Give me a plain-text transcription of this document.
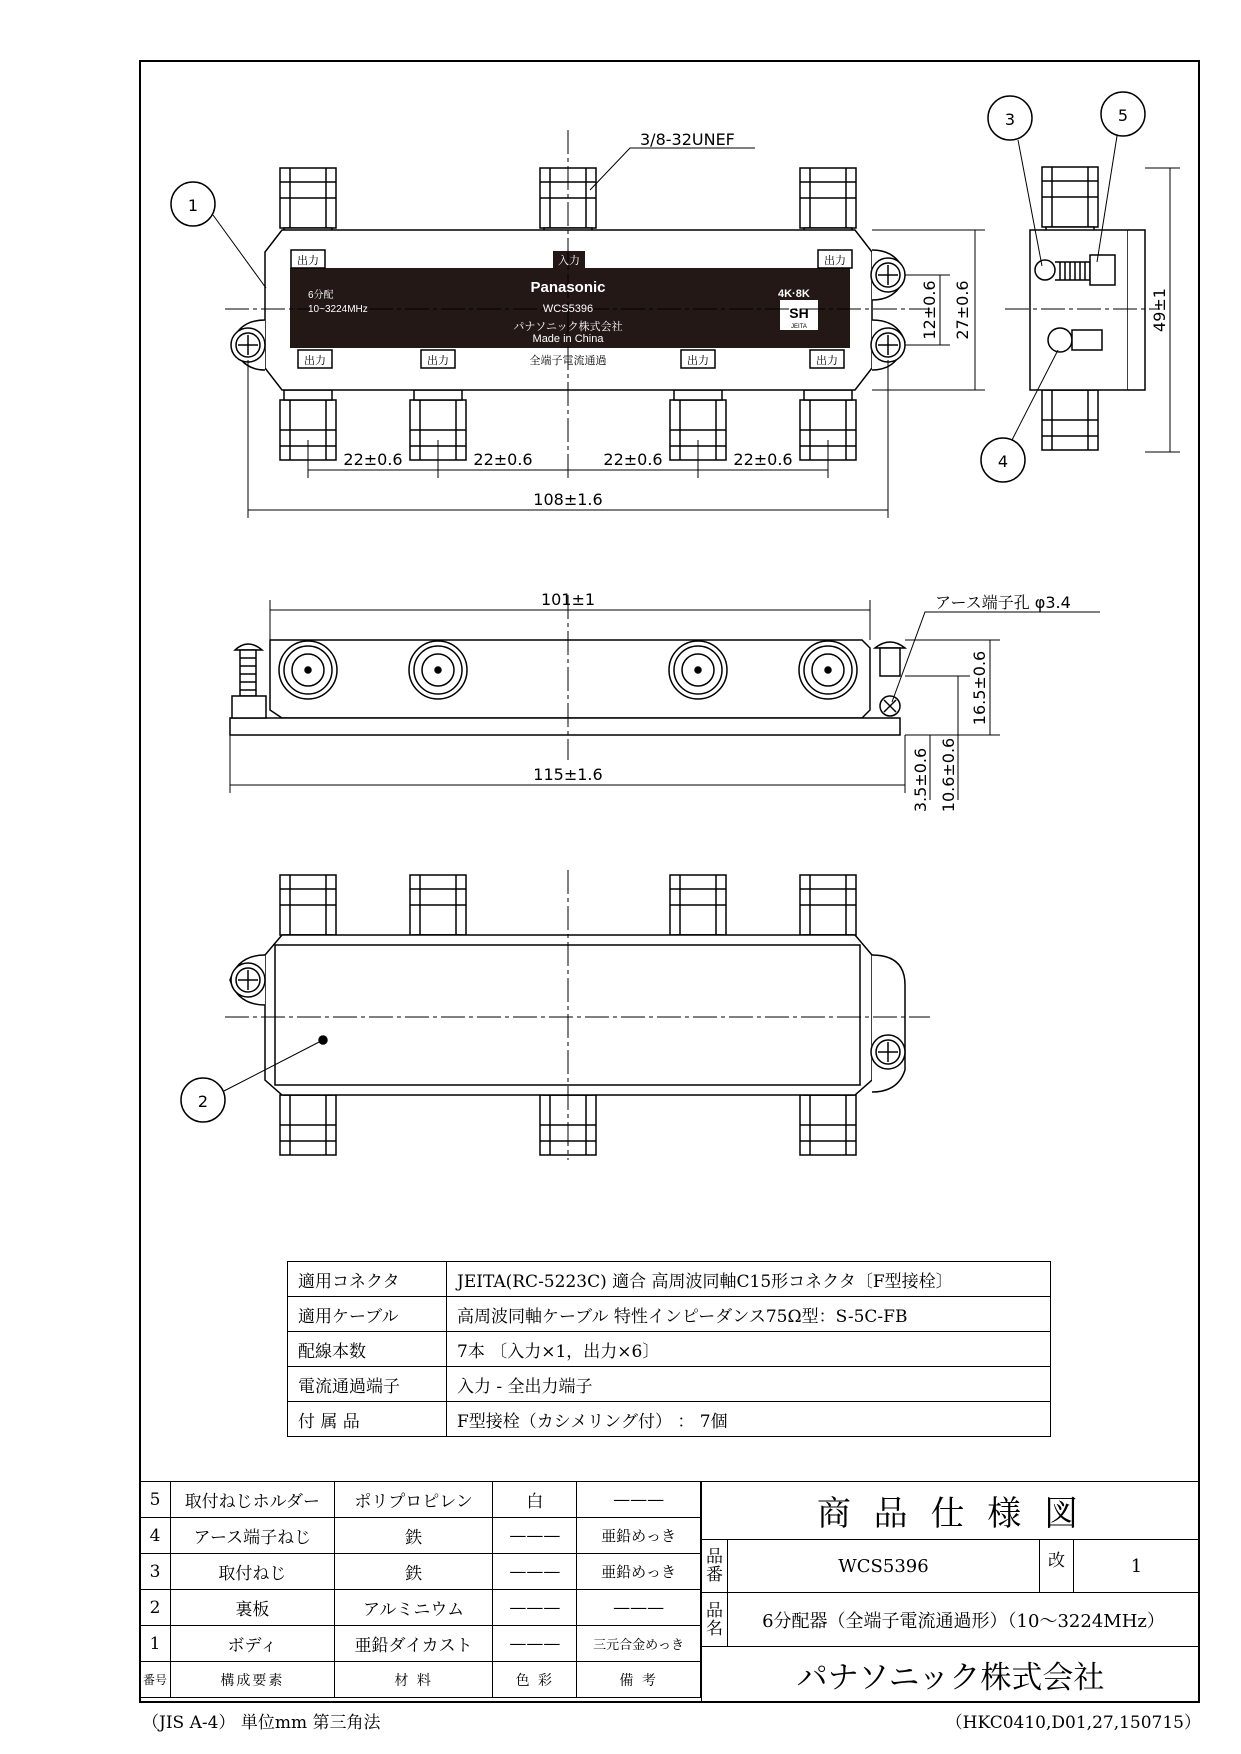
1
2
3
4
5
3/8-32UNEF
22±0.6	22±0.6	22±0.6	22±0.6
108±1.6
12±0.6 27±0.6	49±1
出力	出力
入力
出力	出力	出力	出力
Panasonic
WCS5396
パナソニック株式会社
Made in China
6分配
10~3224MHz
4K·8K
SH
JEITA
全端子電流通過
101±1	アース端子孔 φ3.4
115±1.6
16.5±0.6
3.5±0.6 10.6±0.6
適用コネクタ	JEITA(RC-5223C) 適合 高周波同軸C15形コネクタ〔F型接栓〕
適用ケーブル	高周波同軸ケーブル 特性インピーダンス75Ω型：S-5C-FB
配線本数	7本 〔入力×1，出力×6〕
電流通過端子	入力 - 全出力端子
付 属 品	F型接栓（カシメリング付） ： 7個
5	取付ねじホルダー	ポリプロピレン	白	———
4	アース端子ねじ	鉄	———	亜鉛めっき
3	取付ねじ	鉄	———	亜鉛めっき
2	裏板	アルミニウム	———	———
1	ボディ	亜鉛ダイカスト	———	三元合金めっき
番号	構成要素	材 料	色 彩	備 考
商 品 仕 様 図
品番	WCS5396	改	1
品名	6分配器（全端子電流通過形）（10～3224MHz）
パナソニック株式会社
（JIS A-4） 単位mm 第三角法	（HKC0410,D01,27,150715）
